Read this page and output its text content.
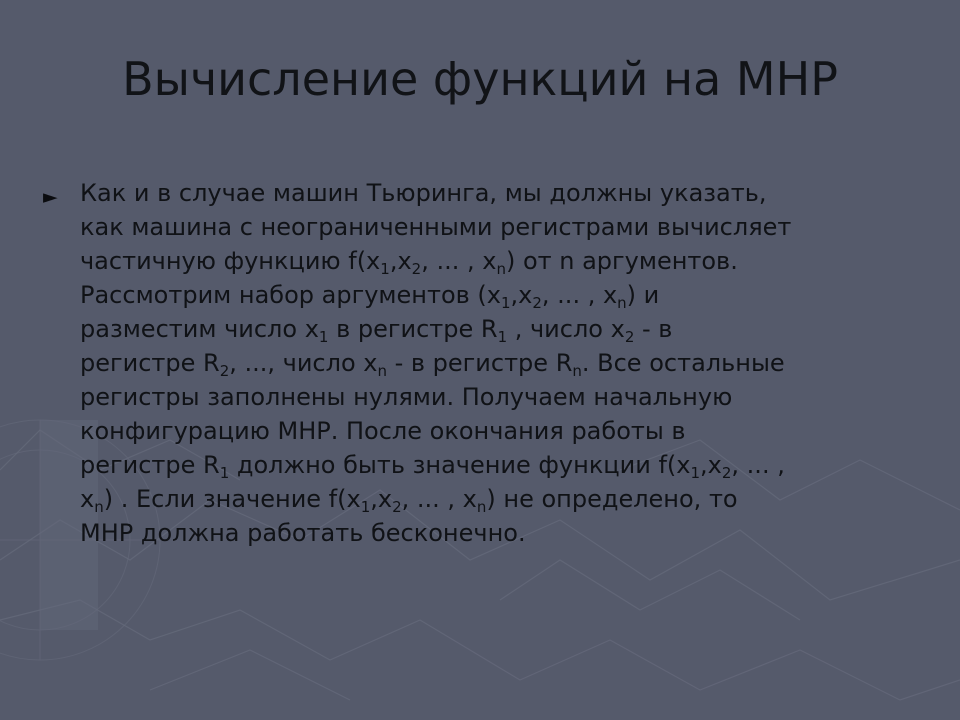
Вычисление функций на МНР
► Как и в случае машин Тьюринга, мы должны указать,
как машина с неограниченными регистрами вычисляет
частичную функцию $f(x_1,x_2$, ... , $x_n$) от n аргументов.
Рассмотрим набор аргументов ($x_1,x_2$, ... , $x_n$) и
разместим число $x_1$ в регистре $R_1$ , число $x_2$ - в
регистре $R_2$, ..., число $x_n$ - в регистре $R_n$. Все остальные
регистры заполнены нулями. Получаем начальную
конфигурацию МНР. После окончания работы в
регистре $R_1$ должно быть значение функции $f(x_1,x_2$, ... ,
$x_n$) . Если значение $f(x_1,x_2$, ... , $x_n$) не определено, то
МНР должна работать бесконечно.
